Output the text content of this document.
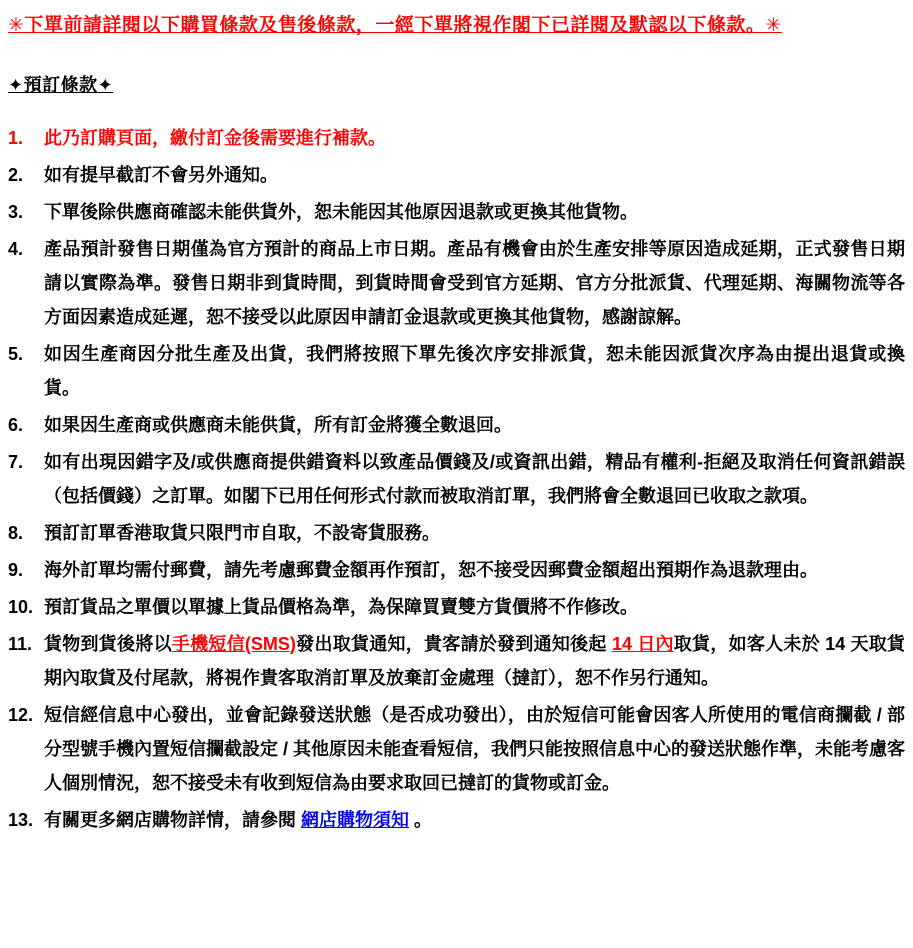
✳下單前請詳閱以下購買條款及售後條款，一經下單將視作閣下已詳閱及默認以下條款。✳
✦預訂條款✦
1.	此乃訂購頁面，繳付訂金後需要進行補款。
2.	如有提早截訂不會另外通知。
3.	下單後除供應商確認未能供貨外，恕未能因其他原因退款或更換其他貨物。
4.	產品預計發售日期僅為官方預計的商品上市日期。產品有機會由於生產安排等原因造成延期，正式發售日期請以實際為準。發售日期非到貨時間，到貨時間會受到官方延期、官方分批派貨、代理延期、海關物流等各方面因素造成延遲，恕不接受以此原因申請訂金退款或更換其他貨物，感謝諒解。
5.	如因生產商因分批生產及出貨，我們將按照下單先後次序安排派貨，恕未能因派貨次序為由提出退貨或換貨。
6.	如果因生產商或供應商未能供貨，所有訂金將獲全數退回。
7.	如有出現因錯字及/或供應商提供錯資料以致產品價錢及/或資訊出錯，精品有權利-拒絕及取消任何資訊錯誤（包括價錢）之訂單。如閣下已用任何形式付款而被取消訂單，我們將會全數退回已收取之款項。
8.	預訂訂單香港取貨只限門市自取，不設寄貨服務。
9.	海外訂單均需付郵費，請先考慮郵費金額再作預訂，恕不接受因郵費金額超出預期作為退款理由。
10. 預訂貨品之單價以單據上貨品價格為準，為保障買賣雙方貨價將不作修改。
11. 貨物到貨後將以手機短信(SMS)發出取貨通知，貴客請於發到通知後起 14 日內取貨，如客人未於 14 天取貨期內取貨及付尾款，將視作貴客取消訂單及放棄訂金處理（撻訂），恕不作另行通知。
12. 短信經信息中心發出，並會記錄發送狀態（是否成功發出），由於短信可能會因客人所使用的電信商攔截 / 部分型號手機內置短信攔截設定 / 其他原因未能查看短信，我們只能按照信息中心的發送狀態作準，未能考慮客人個別情況，恕不接受未有收到短信為由要求取回已撻訂的貨物或訂金。
13. 有關更多網店購物詳情，請參閱 網店購物須知 。
